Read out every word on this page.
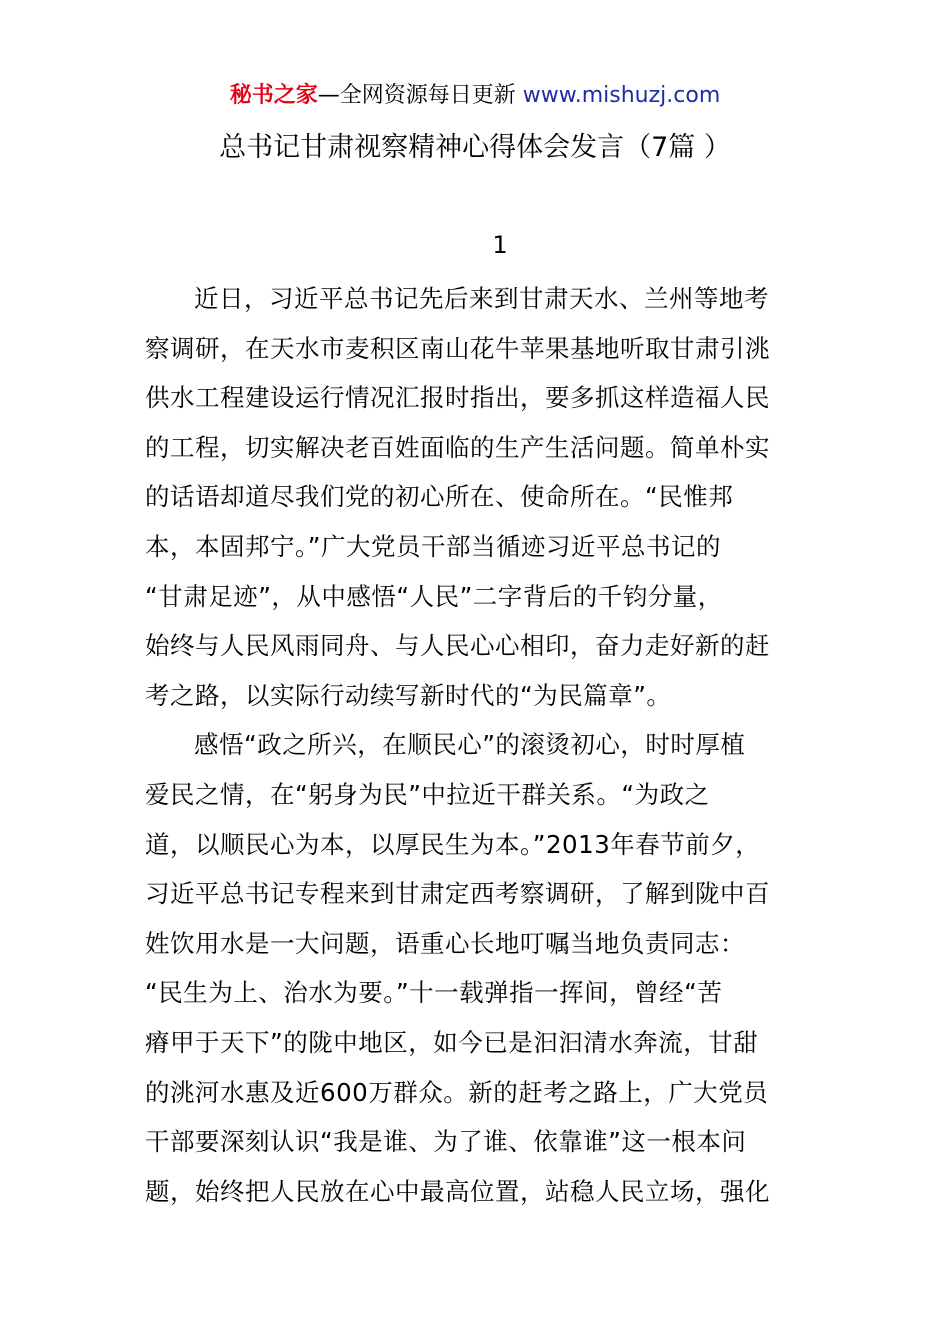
秘书之家—全网资源每日更新 www.mishuzj.com
总书记甘肃视察精神心得体会发言（7篇 ）
1
近日，习近平总书记先后来到甘肃天水、兰州等地考
察调研，在天水市麦积区南山花牛苹果基地听取甘肃引洮
供水工程建设运行情况汇报时指出，要多抓这样造福人民
的工程，切实解决老百姓面临的生产生活问题。简单朴实
的话语却道尽我们党的初心所在、使命所在。“民惟邦
本，本固邦宁。”广大党员干部当循迹习近平总书记的
“甘肃足迹”，从中感悟“人民”二字背后的千钧分量，
始终与人民风雨同舟、与人民心心相印，奋力走好新的赶
考之路，以实际行动续写新时代的“为民篇章”。
感悟“政之所兴，在顺民心”的滚烫初心，时时厚植
爱民之情，在“躬身为民”中拉近干群关系。“为政之
道，以顺民心为本，以厚民生为本。”2013年春节前夕，
习近平总书记专程来到甘肃定西考察调研，了解到陇中百
姓饮用水是一大问题，语重心长地叮嘱当地负责同志：
“民生为上、治水为要。”十一载弹指一挥间，曾经“苦
瘠甲于天下”的陇中地区，如今已是汩汩清水奔流，甘甜
的洮河水惠及近600万群众。新的赶考之路上，广大党员
干部要深刻认识“我是谁、为了谁、依靠谁”这一根本问
题，始终把人民放在心中最高位置，站稳人民立场，强化
